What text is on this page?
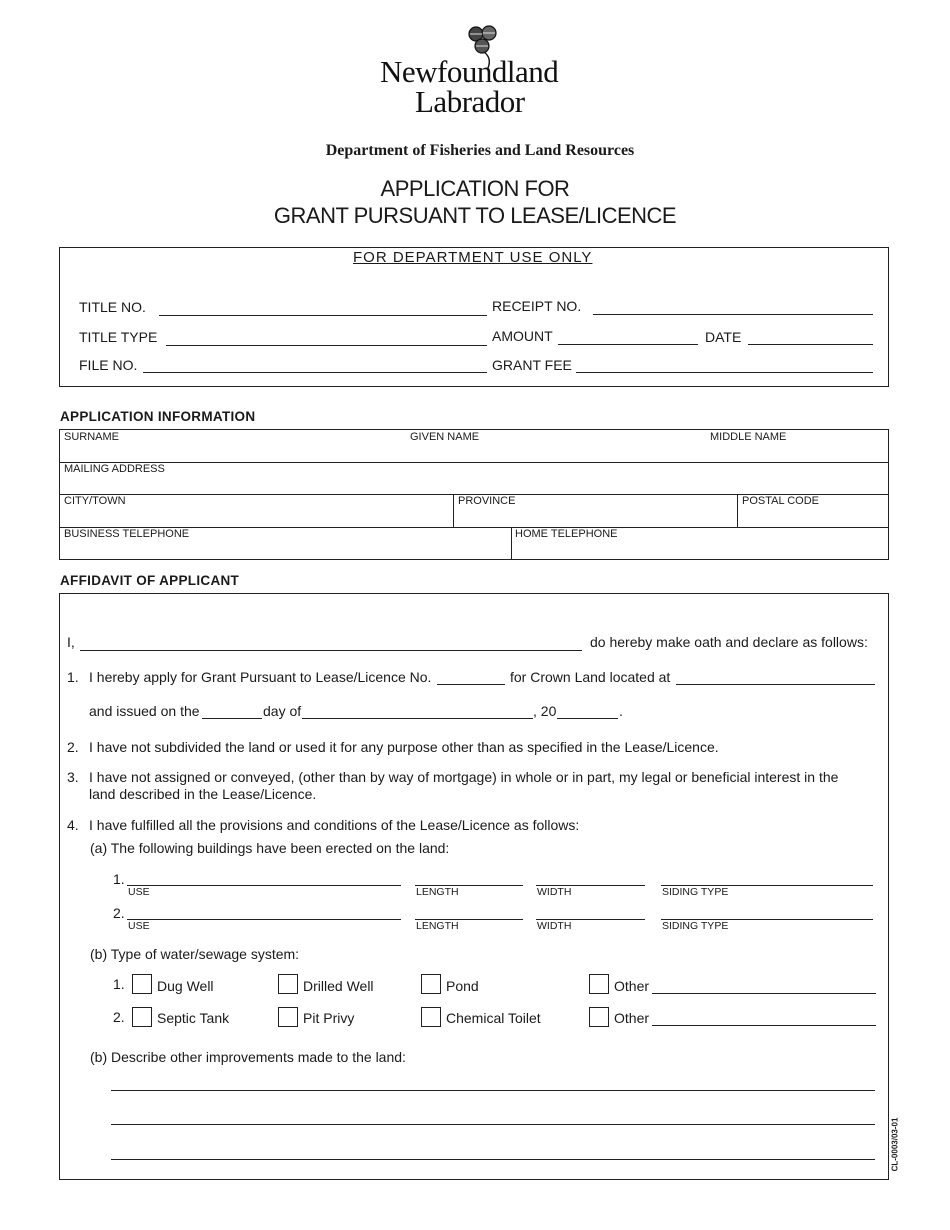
Newfoundland
Labrador
Department of Fisheries and Land Resources
APPLICATION FOR
GRANT PURSUANT TO LEASE/LICENCE
FOR DEPARTMENT USE ONLY
TITLE NO.	RECEIPT NO.
TITLE TYPE	AMOUNT	DATE
FILE NO.	GRANT FEE
APPLICATION INFORMATION
SURNAME	GIVEN NAME	MIDDLE NAME
MAILING ADDRESS
CITY/TOWN	PROVINCE	POSTAL CODE
BUSINESS TELEPHONE	HOME TELEPHONE
AFFIDAVIT OF APPLICANT
I,	do hereby make oath and declare as follows:
1. I hereby apply for Grant Pursuant to Lease/Licence No.	for Crown Land located at
and issued on the	day of	, 20	.
2. I have not subdivided the land or used it for any purpose other than as specified in the Lease/Licence.
3. I have not assigned or conveyed, (other than by way of mortgage) in whole or in part, my legal or beneficial interest in the
land described in the Lease/Licence.
4. I have fulfilled all the provisions and conditions of the Lease/Licence as follows:
(a) The following buildings have been erected on the land:
1.
USE	LENGTH	WIDTH	SIDING TYPE
2.
USE	LENGTH	WIDTH	SIDING TYPE
(b) Type of water/sewage system:
1. Dug Well	Drilled Well	Pond	Other
2. Septic Tank	Pit Privy	Chemical Toilet	Other
(b) Describe other improvements made to the land:
CL-0003/03-01
